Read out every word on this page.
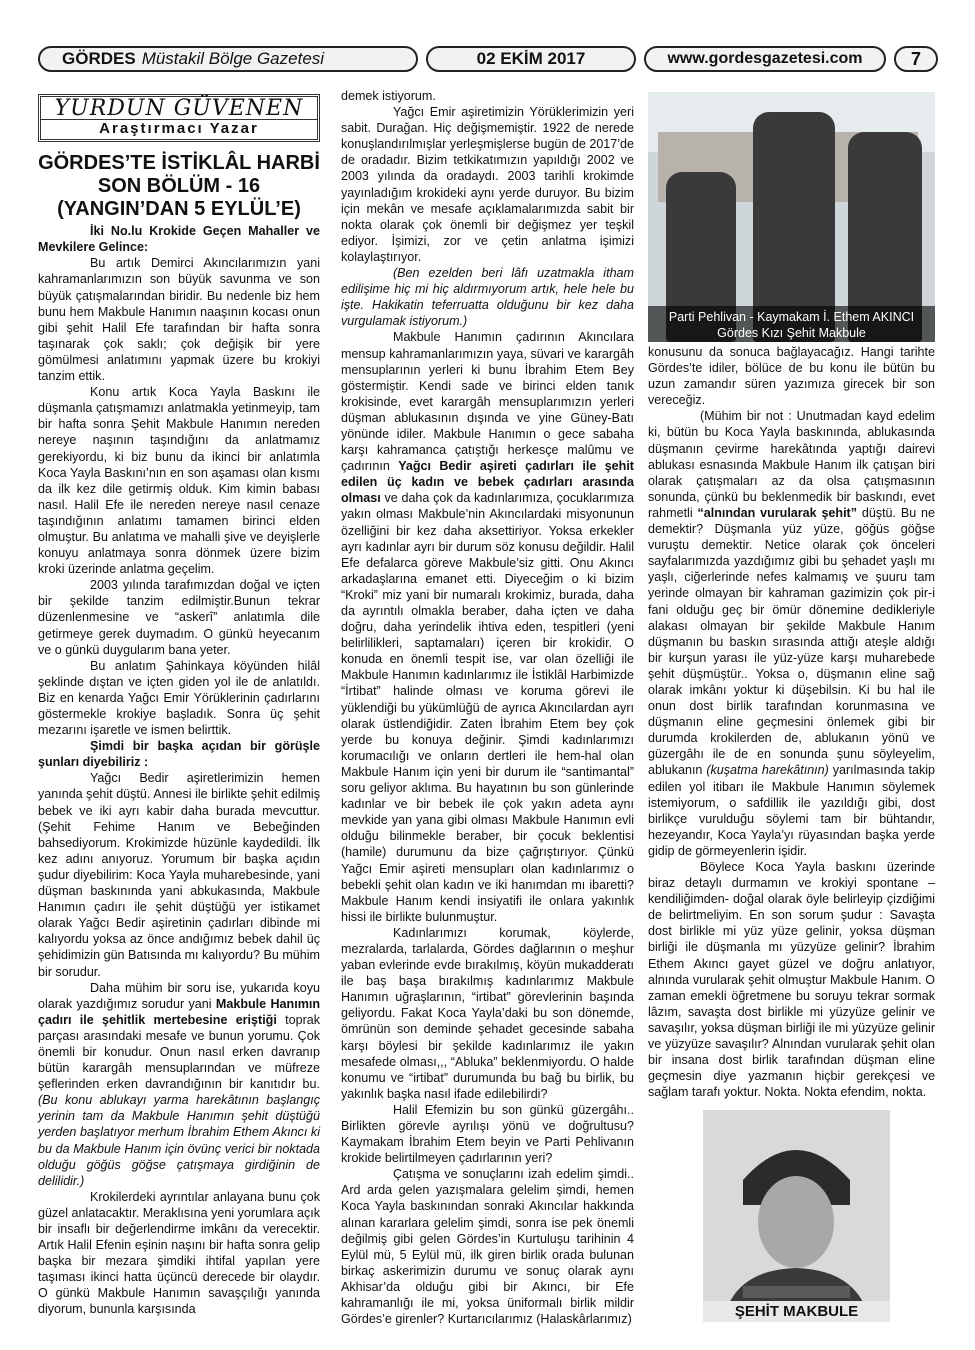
GÖRDES Müstakil Bölge Gazetesi	02 EKİM 2017	www.gordesgazetesi.com	7
YURDUN GÜVENEN
Araştırmacı Yazar
GÖRDES’TE İSTİKLÂL HARBİ
SON BÖLÜM - 16
(YANGIN’DAN 5 EYLÜL’E)

İki No.lu Krokide Geçen Mahaller ve Mevkilere Gelince:

Bu artık Demirci Akıncılarımızın yani kahramanlarımızın son büyük savunma ve son büyük çatışmalarından biridir. Bu nedenle biz hem bunu hem Makbule Hanımın naaşının kocası onun gibi şehit Halil Efe tarafından bir hafta sonra taşınarak çok saklı; çok değişik bir yere gömülmesi anlatımını yapmak üzere bu krokiyi tanzim ettik.

Konu artık Koca Yayla Baskını ile düşmanla çatışmamızı anlatmakla yetinmeyip, tam bir hafta sonra Şehit Makbule Hanımın nereden nereye naşının taşındığını da anlatmamız gerekiyordu, ki biz bunu da ikinci bir anlatımla Koca Yayla Baskını’nın en son aşaması olan kısmı da ilk kez dile getirmiş olduk. Kim kimin babası nasıl. Halil Efe ile nereden nereye nasıl cenaze taşındığının anlatımı tamamen birinci elden olmuştur. Bu anlatıma ve mahalli şive ve deyişlerle konuyu anlatmaya sonra dönmek üzere bizim kroki üzerinde anlatma geçelim.

2003 yılında tarafımızdan doğal ve içten bir şekilde tanzim edilmiştir.Bunun tekrar düzenlenmesine ve “askerî” anlatımla dile getirmeye gerek duymadım. O günkü heyecanım ve o günkü duygularım bana yeter.

Bu anlatım Şahinkaya köyünden hilâl şeklinde dıştan ve içten giden yol ile de anlatıldı. Biz en kenarda Yağcı Emir Yörüklerinin çadırlarını göstermekle krokiye başladık. Sonra üç şehit mezarını işaretle ve ismen belirttik.

Şimdi bir başka açıdan bir görüşle şunları diyebiliriz :

Yağcı Bedir aşiretlerimizin hemen yanında şehit düştü. Annesi ile birlikte şehit edilmiş bebek ve iki ayrı kabir daha burada mevcuttur. (Şehit Fehime Hanım ve Bebeğinden bahsediyorum. Krokimizde hüzünle kaydedildi. İlk kez adını anıyoruz. Yorumum bir başka açıdın şudur diyebilirim: Koca Yayla muharebesinde, yani düşman baskınında yani abkukasında, Makbule Hanımın çadırı ile şehit düştüğü yer istikamet olarak Yağcı Bedir aşiretinin çadırları dibinde mi kalıyordu yoksa az önce andığımız bebek dahil üç şehidimizin gün Batısında mı kalıyordu? Bu mühim bir sorudur.

Daha mühim bir soru ise, yukarıda koyu olarak yazdığımız sorudur yani Makbule Hanımın çadırı ile şehitlik mertebesine eriştiği toprak parçası arasındaki mesafe ve bunun yorumu. Çok önemli bir konudur. Onun nasıl erken davranıp bütün karargâh mensuplarından ve müfreze şeflerinden erken davrandığının bir kanıtıdır bu. (Bu konu ablukayı yarma harekâtının başlangıç yerinin tam da Makbule Hanımın şehit düştüğü yerden başlatıyor merhum İbrahim Ethem Akıncı ki bu da Makbule Hanım için övünç verici bir noktada olduğu göğüs göğse çatışmaya girdiğinin de delilidir.)

Krokilerdeki ayrıntılar anlayana bunu çok güzel anlatacaktır. Meraklısına yeni yorumlara açık bir insaflı bir değerlendirme imkânı da verecektir. Artık Halil Efenin eşinin naşını bir hafta sonra gelip başka bir mezara şimdiki ihtifal yapılan yere taşıması ikinci hatta üçüncü derecede bir olaydır. O günkü Makbule Hanımın savaşçılığı yanında diyorum, bununla karşısında

demek istiyorum.

Yağcı Emir aşiretimizin Yörüklerimizin yeri sabit. Durağan. Hiç değişmemiştir. 1922 de nerede konuşlandırılmışlar yerleşmişlerse bugün de 2017’de de oradadır. Bizim tetkikatımızın yapıldığı 2002 ve 2003 yılında da oradaydı. 2003 tarihli krokimde yayınladığım krokideki aynı yerde duruyor. Bu bizim için mekân ve mesafe açıklamalarımızda sabit bir nokta olarak çok önemli bir değişmez yer teşkil ediyor. İşimizi, zor ve çetin anlatma işimizi kolaylaştırıyor.

(Ben ezelden beri lâfı uzatmakla itham edilişime hiç mi hiç aldırmıyorum artık, hele hele bu işte. Hakikatin teferruatta olduğunu bir kez daha vurgulamak istiyorum.)

Makbule Hanımın çadırının Akıncılara mensup kahramanlarımızın yaya, süvari ve karargâh mensuplarının yerleri ki bunu İbrahim Etem Bey göstermiştir. Kendi sade ve birinci elden tanık krokisinde, evet karargâh mensuplarımızın yerleri düşman ablukasının dışında ve yine Güney-Batı yönünde idiler. Makbule Hanımın o gece sabaha karşı kahramanca çatıştığı herkesçe malûmu ve çadırının Yağcı Bedir aşireti çadırları ile şehit edilen üç kadın ve bebek çadırları arasında olması ve daha çok da kadınlarımıza, çocuklarımıza yakın olması Makbule’nin Akıncılardaki misyonunun özelliğini bir kez daha aksettiriyor. Yoksa erkekler ayrı kadınlar ayrı bir durum söz konusu değildir. Halil Efe defalarca göreve Makbule’siz gitti. Onu Akıncı arkadaşlarına emanet etti. Diyeceğim o ki bizim “Kroki” miz yani bir numaralı krokimiz, burada, daha da ayrıntılı olmakla beraber, daha içten ve daha doğru, daha yerindelik ihtiva eden, tespitleri (yeni belirlilikleri, saptamaları) içeren bir krokidir. O konuda en önemli tespit ise, var olan özelliği ile Makbule Hanımın kadınlarımız ile İstiklâl Harbimizde “İrtibat” halinde olması ve koruma görevi ile yüklendiği bu yükümlüğü de ayrıca Akıncılardan ayrı olarak üstlendiğidir. Zaten İbrahim Etem bey çok yerde bu konuya değinir. Şimdi kadınlarımızı korumacılığı ve onların dertleri ile hem-hal olan Makbule Hanım için yeni bir durum ile “santimantal” soru geliyor aklıma. Bu hayatının bu son günlerinde kadınlar ve bir bebek ile çok yakın adeta aynı mevkide yan yana gibi olması Makbule Hanımın evli olduğu bilinmekle beraber, bir çocuk beklentisi (hamile) durumunu da bize çağrıştırıyor. Çünkü Yağcı Emir aşireti mensupları olan kadınlarımız o bebekli şehit olan kadın ve iki hanımdan mı ibaretti? Makbule Hanım kendi insiyatifi ile onlara yakınlık hissi ile birlikte bulunmuştur.

Kadınlarımızı korumak, köylerde, mezralarda, tarlalarda, Gördes dağlarının o meşhur yaban evlerinde evde bırakılmış, köyün mukadderatı ile baş başa bırakılmış kadınlarımız Makbule Hanımın uğraşlarının, “irtibat” görevlerinin başında geliyordu. Fakat Koca Yayla’daki bu son dönemde, ömrünün son deminde şehadet gecesinde sabaha karşı böylesi bir şekilde kadınlarımız ile yakın mesafede olması,,, “Abluka” beklenmiyordu. O halde konumu ve “irtibat” durumunda bu bağ bu birlik, bu yakınlık başka nasıl ifade edilebilirdi?

Halil Efemizin bu son günkü güzergâhı.. Birlikten görevle ayrılışı yönü ve doğrultusu? Kaymakam İbrahim Etem beyin ve Parti Pehlivanın krokide belirtilmeyen çadırlarının yeri?

Çatışma ve sonuçlarını izah edelim şimdi.. Ard arda gelen yazışmalara gelelim şimdi, hemen Koca Yayla baskınından sonraki Akıncılar hakkında alınan kararlara gelelim şimdi, sonra ise pek önemli değilmiş gibi gelen Gördes’in Kurtuluşu tarihinin 4 Eylül mü, 5 Eylül mü, ilk giren birlik orada bulunan birkaç askerimizin durumu ve sonuç olarak aynı Akhisar’da olduğu gibi bir Akıncı, bir Efe kahramanlığı ile mi, yoksa üniformalı birlik mildir Gördes’e girenler? Kurtarıcılarımız (Halaskârlarımız)

Parti Pehlivan - Kaymakam İ. Ethem AKINCI
Gördes Kızı Şehit Makbule

konusunu da sonuca bağlayacağız. Hangi tarihte Gördes’te idiler, bölüce de bu konu ile bütün bu uzun zamandır süren yazımıza girecek bir son vereceğiz.

(Mühim bir not : Unutmadan kayd edelim ki, bütün bu Koca Yayla baskınında, ablukasında düşmanın çevirme harekâtında yaptığı dairevi ablukası esnasında Makbule Hanım ilk çatışan biri olarak çatışmaları az da olsa çatışmasının sonunda, çünkü bu beklenmedik bir baskındı, evet rahmetli “alnından vurularak şehit” düştü. Bu ne demektir? Düşmanla yüz yüze, göğüs göğse vuruştu demektir. Netice olarak çok önceleri sayfalarımızda yazdığımız gibi bu şehadet yaşlı mı yaşlı, ciğerlerinde nefes kalmamış ve şuuru tam yerinde olmayan bir kahraman gazimizin çok pir-i fani olduğu geç bir ömür dönemine dedikleriyle alakası olmayan bir şekilde Makbule Hanım düşmanın bu baskın sırasında attığı ateşle aldığı bir kurşun yarası ile yüz-yüze karşı muharebede şehit düşmüştür.. Yoksa o, düşmanın eline sağ olarak imkânı yoktur ki düşebilsin. Ki bu hal ile onun dost birlik tarafından korunmasına ve düşmanın eline geçmesini önlemek gibi bir durumda krokilerden de, ablukanın yönü ve güzergâhı ile de en sonunda şunu söyleyelim, ablukanın (kuşatma harekâtının) yarılmasında takip edilen yol itibarı ile Makbule Hanımın söylemek istemiyorum, o safdillik ile yazıldığı gibi, dost birlikçe vurulduğu söylemi tam bir bühtandır, hezeyandır, Koca Yayla’yı rüyasından başka yerde gidip de görmeyenlerin işidir.

Böylece Koca Yayla baskını üzerinde biraz detaylı durmamın ve krokiyi spontane – kendiliğimden- doğal olarak öyle belirleyip çizdiğimi de belirtmeliyim. En son sorum şudur : Savaşta dost birlikle mi yüz yüze gelinir, yoksa düşman birliği ile düşmanla mı yüzyüze gelinir? İbrahim Ethem Akıncı gayet güzel ve doğru anlatıyor, alnında vurularak şehit olmuştur Makbule Hanım. O zaman emekli öğretmene bu soruyu tekrar sormak lâzım, savaşta dost birlikle mi yüzyüze gelinir ve savaşılır, yoksa düşman birliği ile mi yüzyüze gelinir ve yüzyüze savaşılır? Alnından vurularak şehit olan bir insana dost birlik tarafından düşman eline geçmesin diye yazmanın hiçbir gerekçesi ve sağlam tarafı yoktur. Nokta. Nokta efendim, nokta.

ŞEHİT MAKBULE
